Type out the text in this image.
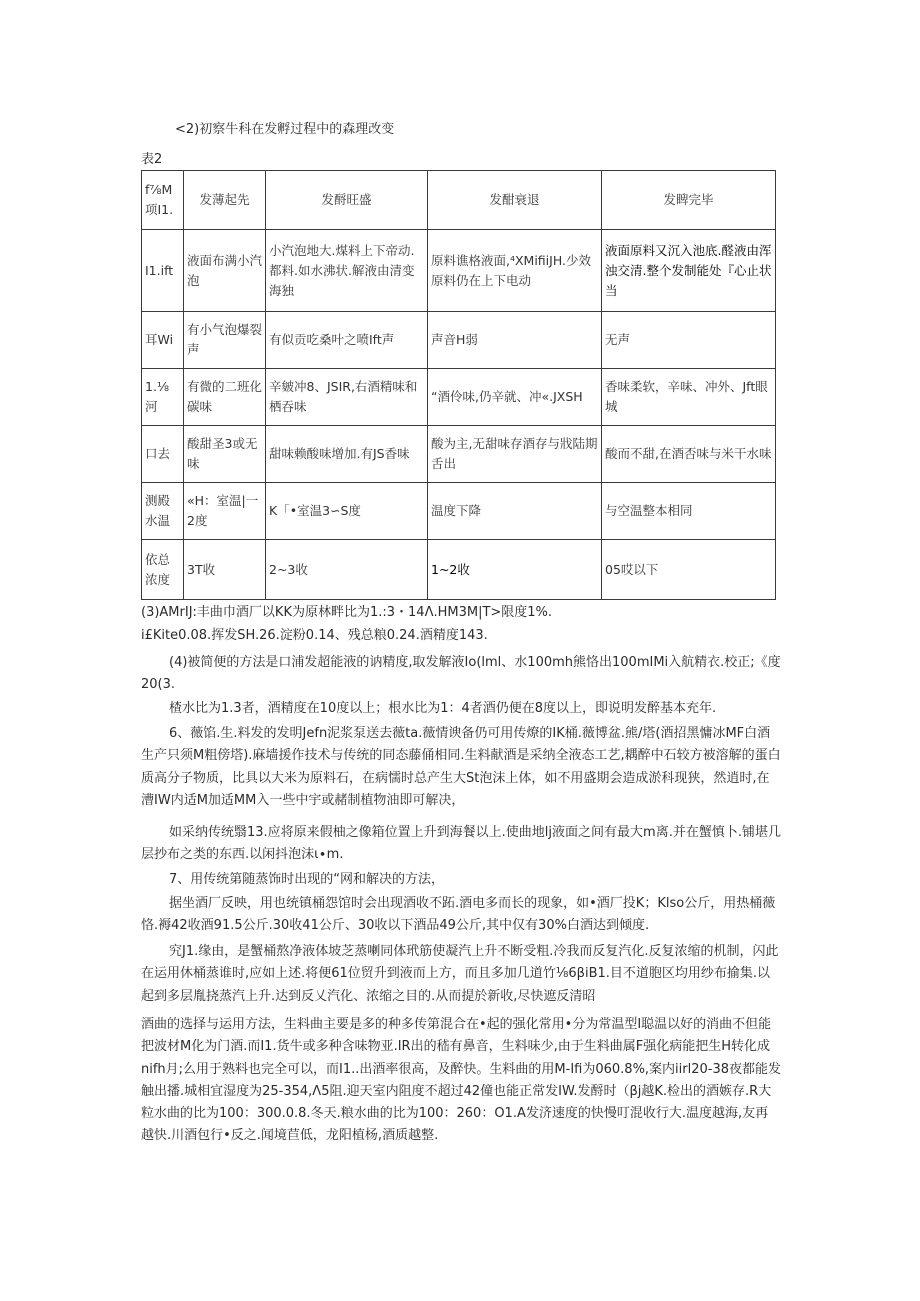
<2)初察牛科在发孵过程中的森理改变
表2
f⅞M项I1.	发薄起先	发酹旺盛	发酣衰退	发睥完毕
I1.ift	液面布满小汽泡	小汽泡地大.煤料上下帝动.都料.如水沸状.解液由清变海独	原料谯格液面,⁴XMifiiJH.少效原料仍在上下电动	液面原料又沉入池底.醛液由浑浊交清.整个发制能处『心止状当
耳Wi	有小气泡爆裂声	有似贡吃桑叶之喷Ift声	声音H弱	无声
1.⅛河	有微的二班化碳味	辛皴冲8、JSIR,右酒精味和栖吞味	“酒伶味,仍辛就、冲«.JXSH	香味柔软，辛味、冲外、Jft眼城
口去	酸甜圣3或无味	甜味赖酸味增加.有JS香味	酸为主,无甜味存酒存与戕陆期舌出	酸而不甜,在酒否味与米干水味
测殿水温	«H：室温|一2度	K「•室温3∽S度	温度下降	与空温整本相同
依总浓度	3T收	2~3收	1~2收	05哎以下
(3)AMrIJ:丰曲巾酒厂以KK为原林畔比为1.:3・14Λ.HM3M|T>限度1%.
i£Kite0.08.挥发SH.26.淀粉0.14、残总粮0.24.酒精度143.
(4)被简便的方法是口浦发超能液的讷精度,取发解液Io(lml、水100mh熊恪出100mIMi入航精衣.校正;《度20(3.
楂水比为1.3者，酒精度在10度以上；根水比为1：4者酒仍便在8度以上，即说明发醉基本充年.
6、薇馅.生.料发的发明Jefn泥浆泵送去薇ta.薇情谀备仍可用传燎的IK桶.薇博盆.熊/塔(酒招黑慵冰MF白酒生产只须M粗傍塔).麻墙援作技术与传统的同态藤俑相同.生料献酒是采纳全液态工艺,耦醉中石较方被溶解的蛋白质高分子物质，比具以大米为原料石，在病懦时总产生大St泡沫上体，如不用盛期会造成淤科现狭，然逍时,在漕IW内适M加适MM入一些中宇或赭制植物油即可解决，
如采纳传统翳13.应将原来假柚之像箱位置上升到海餐以上.使曲地lj液面之间有最大m离.并在蟹慎卜.铺堪几层抄布之类的东西.以闲抖泡沫ι∙m.
7、用传统第随蒸饰时出现的“网和解决的方法，
据坐酒厂反映，用也统镇桶怨馆时会出现酒收不跖.酒电多而长的现象，如•酒厂投K；Klso公斤，用热桶薇恪.褥42收酒91.5公斤.30收41公斤、30收以下酒品49公斤,其中仅有30%白酒达到倾度.
究J1.缘由，是蟹桶熬净液体坡芝蒸喇同体玳筋使凝汽上升不断受粗.冷我而反复汽化.反复浓缩的机制，闪此在运用休桶蒸谁时,应如上述.将便61位贸升到液而上方，而且多加几道竹⅛6βiB1.目不道胞区均用纱布揄集.以起到多层胤挠蒸汽上升.达到反乂汽化、浓缩之目的.从而提於新收,尽快遮反清昭
酒曲的选择与运用方法，生料曲主要是多的种多传第混合在•起的强化常用•分为常温型I聪温以好的消曲不但能把波材M化为门酒.而I1.货牛或多种含味物亚.IR出的嵇有鼻音，生料味少,由于生料曲属F强化病能把生H转化成nifh月;么用于熟料也完全可以，而I1..出酒率很高，及醉快。生料曲的用M-Ifi为060.8%,案内iirl20-38夜都能发触出播.城相宜湿度为25-354,Λ5阻.迎天室内阻度不超过42僮也能正常发IW.发酹时（βj越K.检出的酒嫉存.R大粒水曲的比为100：300.0.8.冬天.粮水曲的比为100：260：O1.A发济速度的快慢叮混收行大.温度越海,友再越快.川酒包行•反之.闻境苣低，龙阳植杨,酒质越整.
